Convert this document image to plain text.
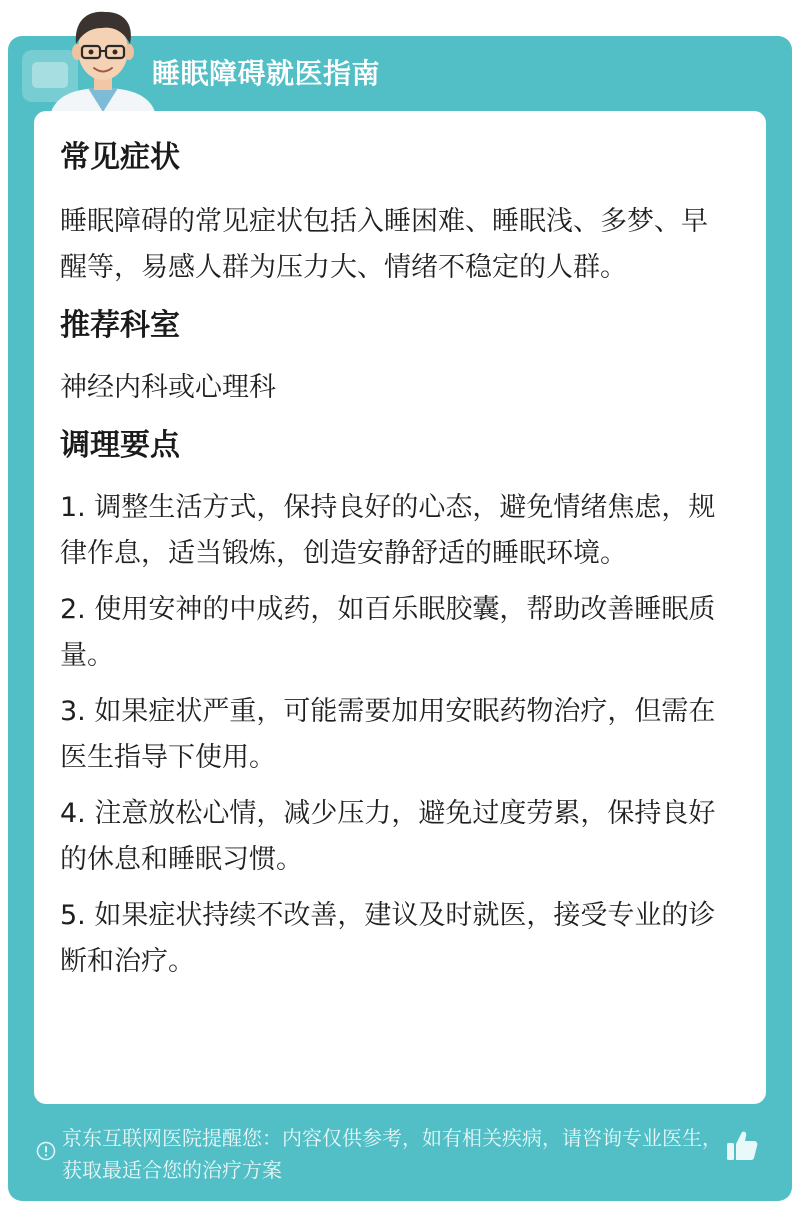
睡眠障碍就医指南
常见症状

睡眠障碍的常见症状包括入睡困难、睡眠浅、多梦、早醒等，易感人群为压力大、情绪不稳定的人群。

推荐科室

神经内科或心理科

调理要点

1. 调整生活方式，保持良好的心态，避免情绪焦虑，规律作息，适当锻炼，创造安静舒适的睡眠环境。

2. 使用安神的中成药，如百乐眠胶囊，帮助改善睡眠质量。

3. 如果症状严重，可能需要加用安眠药物治疗，但需在医生指导下使用。

4. 注意放松心情，减少压力，避免过度劳累，保持良好的休息和睡眠习惯。

5. 如果症状持续不改善，建议及时就医，接受专业的诊断和治疗。

京东互联网医院提醒您：内容仅供参考，如有相关疾病，请咨询专业医生，获取最适合您的治疗方案
